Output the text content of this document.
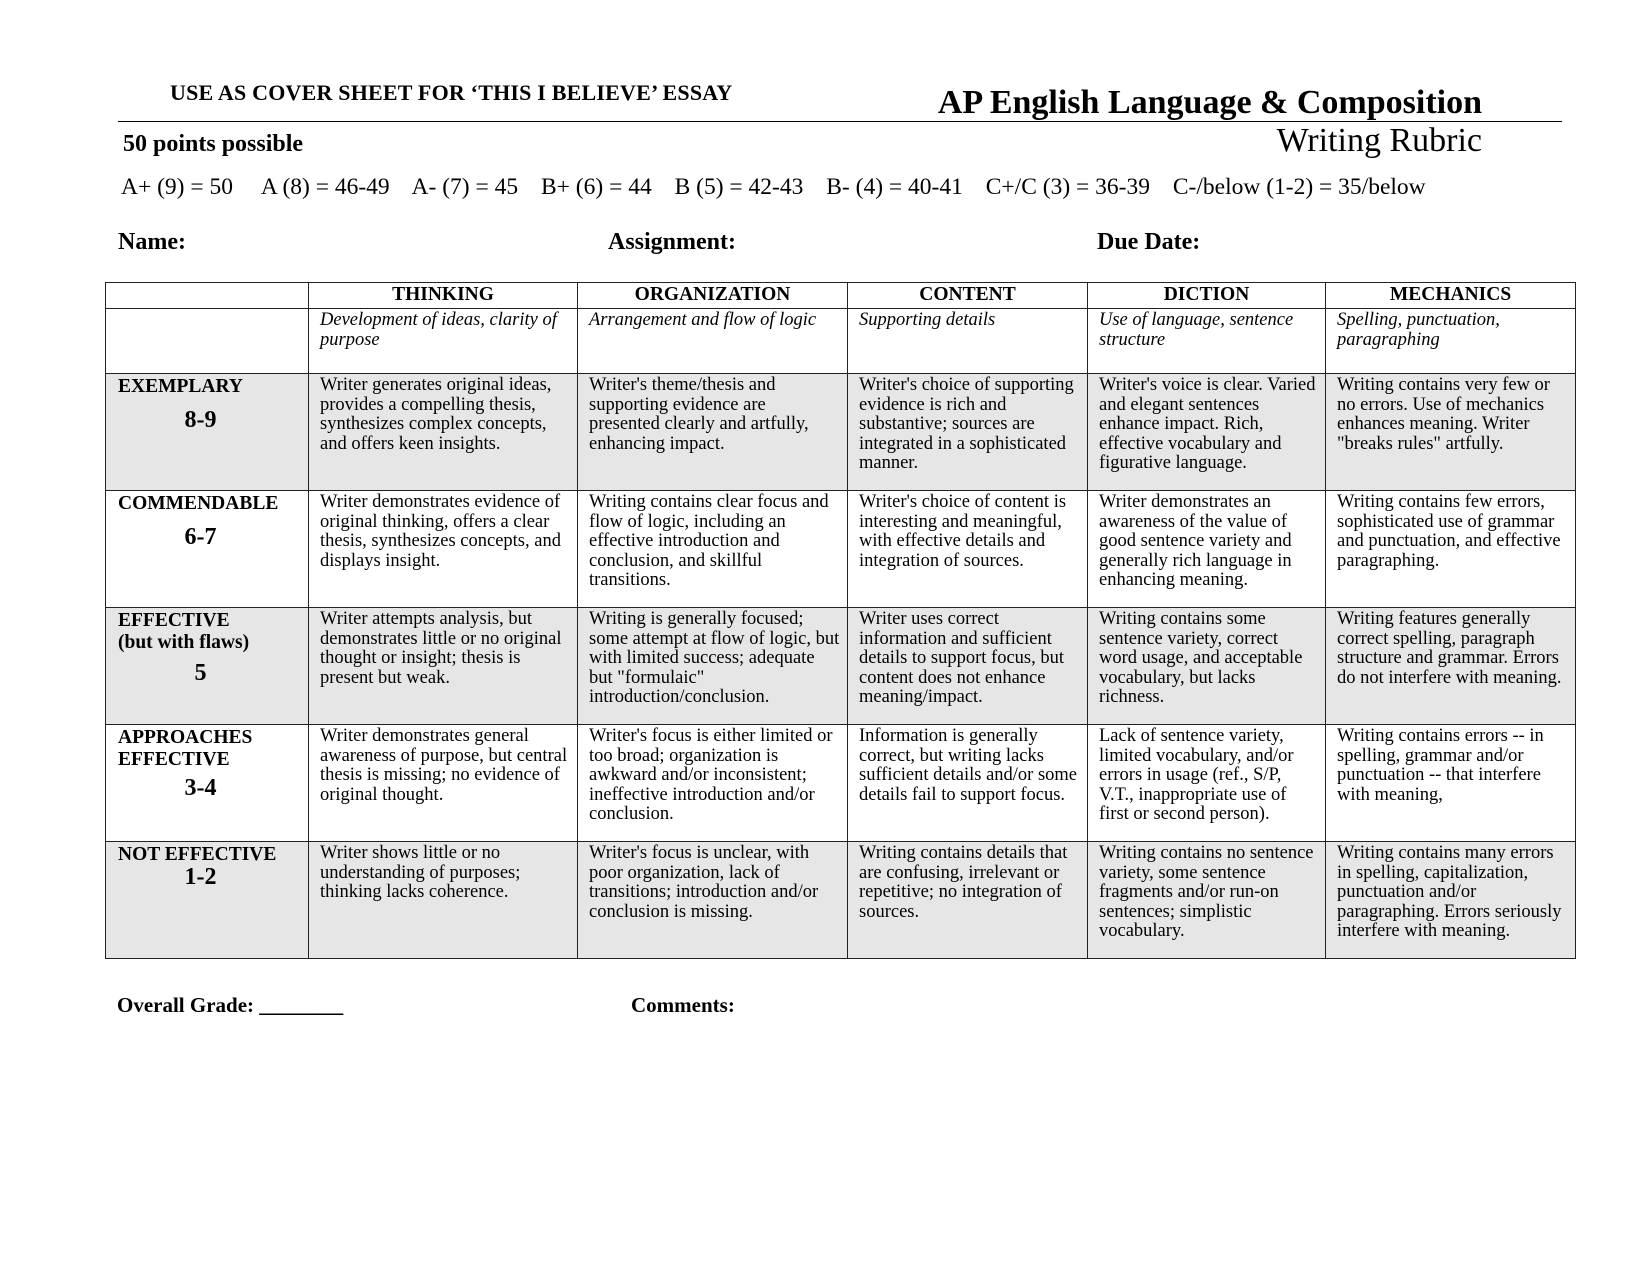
USE AS COVER SHEET FOR ‘THIS I BELIEVE’ ESSAY	AP English Language & Composition
50 points possible	Writing Rubric
A+ (9) = 50 A (8) = 46-49 A- (7) = 45 B+ (6) = 44 B (5) = 42-43 B- (4) = 40-41 C+/C (3) = 36-39 C-/below (1-2) = 35/below
Name:	Assignment:	Due Date:
	THINKING	ORGANIZATION	CONTENT	DICTION	MECHANICS
	Development of ideas, clarity of purpose	Arrangement and flow of logic	Supporting details	Use of language, sentence structure	Spelling, punctuation, paragraphing

EXEMPLARY
8-9	Writer generates original ideas, provides a compelling thesis, synthesizes complex concepts, and offers keen insights.	Writer's theme/thesis and supporting evidence are presented clearly and artfully, enhancing impact.	Writer's choice of supporting evidence is rich and substantive; sources are integrated in a sophisticated manner.	Writer's voice is clear. Varied and elegant sentences enhance impact. Rich, effective vocabulary and figurative language.	Writing contains very few or no errors. Use of mechanics enhances meaning. Writer "breaks rules" artfully.

COMMENDABLE
6-7	Writer demonstrates evidence of original thinking, offers a clear thesis, synthesizes concepts, and displays insight.	Writing contains clear focus and flow of logic, including an effective introduction and conclusion, and skillful transitions.	Writer's choice of content is interesting and meaningful, with effective details and integration of sources.	Writer demonstrates an awareness of the value of good sentence variety and generally rich language in enhancing meaning.	Writing contains few errors, sophisticated use of grammar and punctuation, and effective paragraphing.

EFFECTIVE
(but with flaws)
5	Writer attempts analysis, but demonstrates little or no original thought or insight; thesis is present but weak.	Writing is generally focused; some attempt at flow of logic, but with limited success; adequate but "formulaic" introduction/conclusion.	Writer uses correct information and sufficient details to support focus, but content does not enhance meaning/impact.	Writing contains some sentence variety, correct word usage, and acceptable vocabulary, but lacks richness.	Writing features generally correct spelling, paragraph structure and grammar. Errors do not interfere with meaning.

APPROACHES
EFFECTIVE
3-4	Writer demonstrates general awareness of purpose, but central thesis is missing; no evidence of original thought.	Writer's focus is either limited or too broad; organization is awkward and/or inconsistent; ineffective introduction and/or conclusion.	Information is generally correct, but writing lacks sufficient details and/or some details fail to support focus.	Lack of sentence variety, limited vocabulary, and/or errors in usage (ref., S/P, V.T., inappropriate use of first or second person).	Writing contains errors -- in spelling, grammar and/or punctuation -- that interfere with meaning,

NOT EFFECTIVE
1-2	Writer shows little or no understanding of purposes; thinking lacks coherence.	Writer's focus is unclear, with poor organization, lack of transitions; introduction and/or conclusion is missing.	Writing contains details that are confusing, irrelevant or repetitive; no integration of sources.	Writing contains no sentence variety, some sentence fragments and/or run-on sentences; simplistic vocabulary.	Writing contains many errors in spelling, capitalization, punctuation and/or paragraphing. Errors seriously interfere with meaning.
Overall Grade: ________	Comments:
